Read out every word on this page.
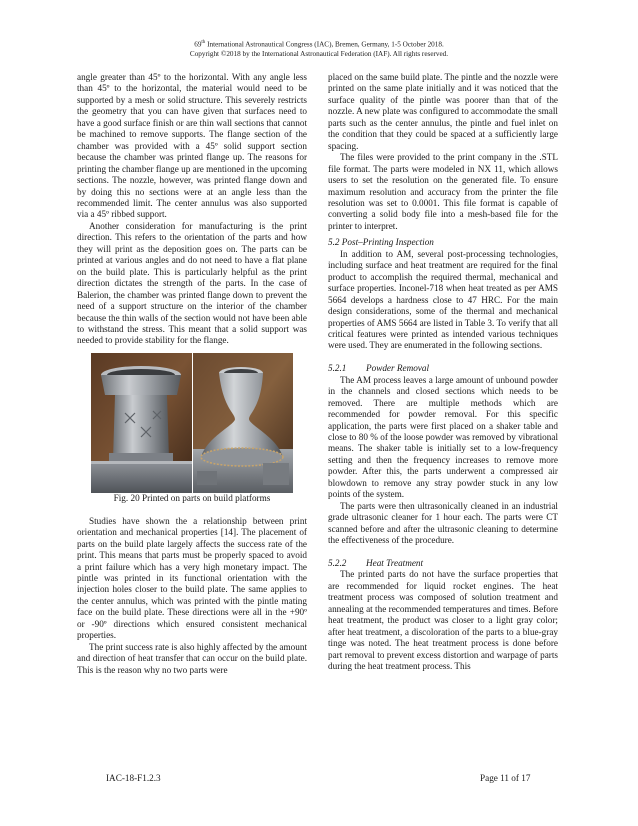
69th International Astronautical Congress (IAC), Bremen, Germany, 1-5 October 2018.
Copyright ©2018 by the International Astronautical Federation (IAF). All rights reserved.

angle greater than 45º to the horizontal. With any angle less than 45º to the horizontal, the material would need to be supported by a mesh or solid structure. This severely restricts the geometry that you can have given that surfaces need to have a good surface finish or are thin wall sections that cannot be machined to remove supports. The flange section of the chamber was provided with a 45º solid support section because the chamber was printed flange up. The reasons for printing the chamber flange up are mentioned in the upcoming sections. The nozzle, however, was printed flange down and by doing this no sections were at an angle less than the recommended limit. The center annulus was also supported via a 45º ribbed support.

Another consideration for manufacturing is the print direction. This refers to the orientation of the parts and how they will print as the deposition goes on. The parts can be printed at various angles and do not need to have a flat plane on the build plate. This is particularly helpful as the print direction dictates the strength of the parts. In the case of Balerion, the chamber was printed flange down to prevent the need of a support structure on the interior of the chamber because the thin walls of the section would not have been able to withstand the stress. This meant that a solid support was needed to provide stability for the flange.

Fig. 20 Printed on parts on build platforms

Studies have shown the a relationship between print orientation and mechanical properties [14]. The placement of parts on the build plate largely affects the success rate of the print. This means that parts must be properly spaced to avoid a print failure which has a very high monetary impact. The pintle was printed in its functional orientation with the injection holes closer to the build plate. The same applies to the center annulus, which was printed with the pintle mating face on the build plate. These directions were all in the +90º or -90º directions which ensured consistent mechanical properties.

The print success rate is also highly affected by the amount and direction of heat transfer that can occur on the build plate. This is the reason why no two parts were

placed on the same build plate. The pintle and the nozzle were printed on the same plate initially and it was noticed that the surface quality of the pintle was poorer than that of the nozzle. A new plate was configured to accommodate the small parts such as the center annulus, the pintle and fuel inlet on the condition that they could be spaced at a sufficiently large spacing.

The files were provided to the print company in the .STL file format. The parts were modeled in NX 11, which allows users to set the resolution on the generated file. To ensure maximum resolution and accuracy from the printer the file resolution was set to 0.0001. This file format is capable of converting a solid body file into a mesh-based file for the printer to interpret.

5.2 Post–Printing Inspection

In addition to AM, several post-processing technologies, including surface and heat treatment are required for the final product to accomplish the required thermal, mechanical and surface properties. Inconel-718 when heat treated as per AMS 5664 develops a hardness close to 47 HRC. For the main design considerations, some of the thermal and mechanical properties of AMS 5664 are listed in Table 3. To verify that all critical features were printed as intended various techniques were used. They are enumerated in the following sections.

5.2.1 Powder Removal

The AM process leaves a large amount of unbound powder in the channels and closed sections which needs to be removed. There are multiple methods which are recommended for powder removal. For this specific application, the parts were first placed on a shaker table and close to 80 % of the loose powder was removed by vibrational means. The shaker table is initially set to a low-frequency setting and then the frequency increases to remove more powder. After this, the parts underwent a compressed air blowdown to remove any stray powder stuck in any low points of the system.

The parts were then ultrasonically cleaned in an industrial grade ultrasonic cleaner for 1 hour each. The parts were CT scanned before and after the ultrasonic cleaning to determine the effectiveness of the procedure.

5.2.2 Heat Treatment

The printed parts do not have the surface properties that are recommended for liquid rocket engines. The heat treatment process was composed of solution treatment and annealing at the recommended temperatures and times. Before heat treatment, the product was closer to a light gray color; after heat treatment, a discoloration of the parts to a blue-gray tinge was noted. The heat treatment process is done before part removal to prevent excess distortion and warpage of parts during the heat treatment process. This

IAC-18-F1.2.3	Page 11 of 17
